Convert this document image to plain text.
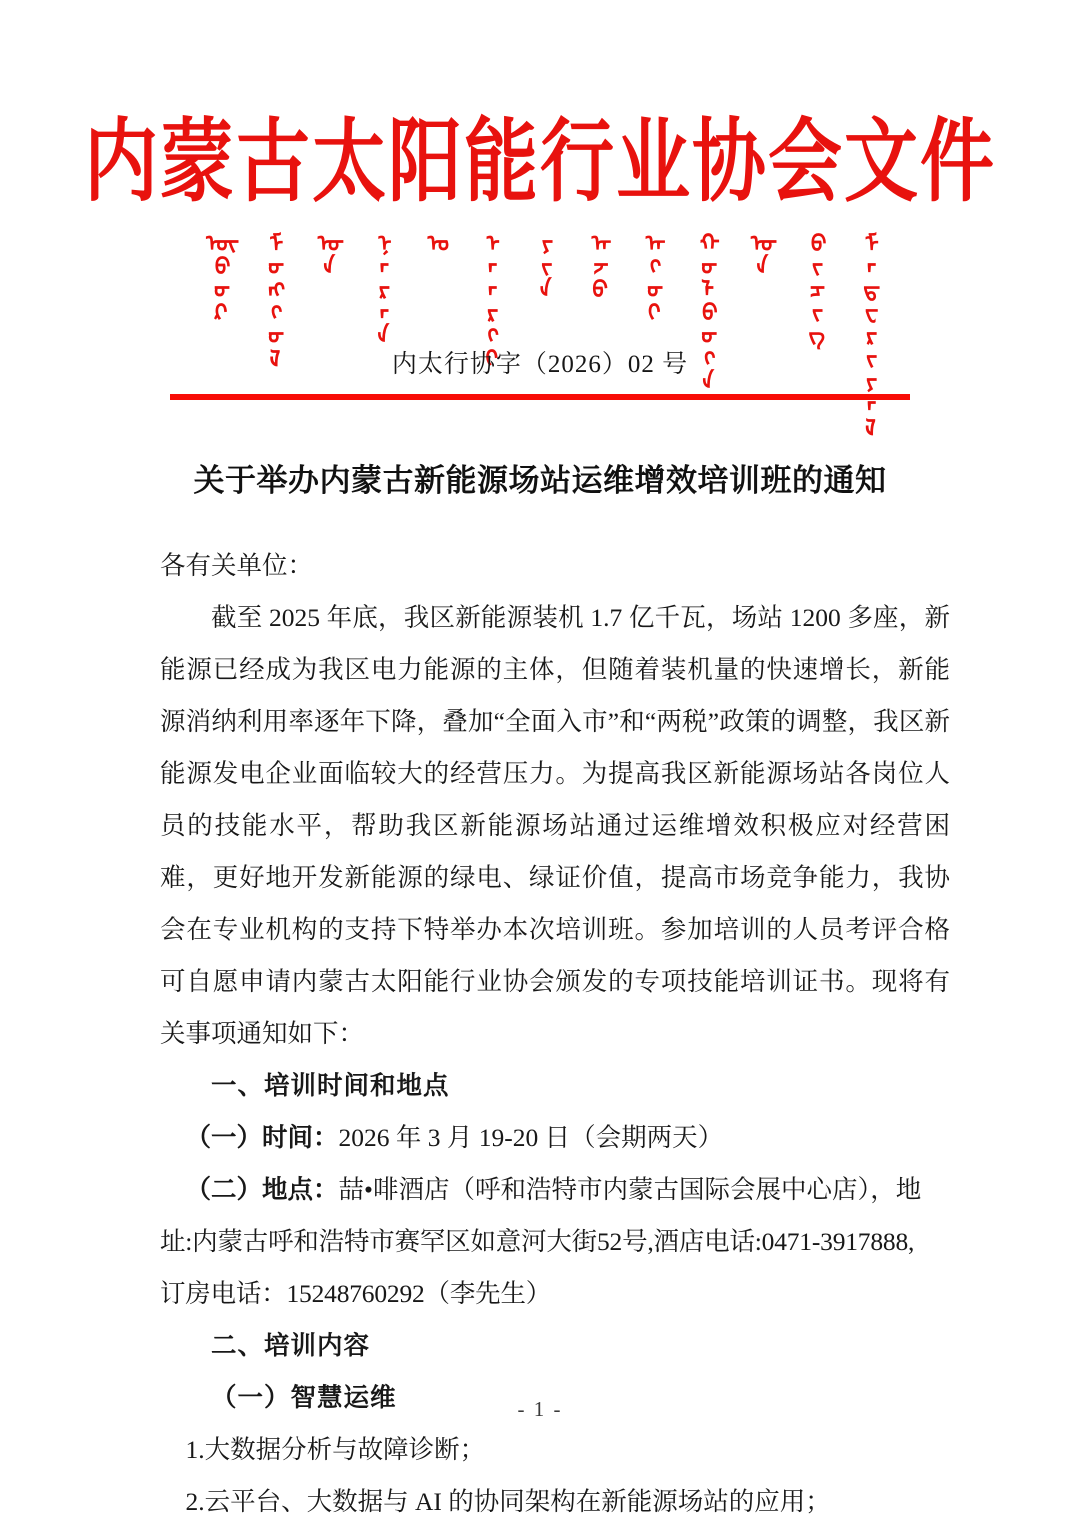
内蒙古太阳能行业协会文件
ᠦᠪᠦᠷ ᠮᠣᠩᠭᠣᠯ ᠤᠨ ᠨᠠᠷᠠᠨ ᠤ ᠡᠨᠡᠷᠭᠢ ᠶᠢᠨ ᠠᠵᠤ ᠠᠬᠤᠢ ᠬᠣᠯᠪᠣᠭᠠ ᠤᠨ ᠪᠢᠴᠢᠭ ᠮᠠᠲᠧᠷᠢᠶᠠᠯ
内太行协字（2026）02 号
关于举办内蒙古新能源场站运维增效培训班的通知

各有关单位：

截至 2025 年底，我区新能源装机 1.7 亿千瓦，场站 1200 多座，新能源已经成为我区电力能源的主体，但随着装机量的快速增长，新能源消纳利用率逐年下降，叠加“全面入市”和“两税”政策的调整，我区新能源发电企业面临较大的经营压力。为提高我区新能源场站各岗位人员的技能水平，帮助我区新能源场站通过运维增效积极应对经营困难，更好地开发新能源的绿电、绿证价值，提高市场竞争能力，我协会在专业机构的支持下特举办本次培训班。参加培训的人员考评合格可自愿申请内蒙古太阳能行业协会颁发的专项技能培训证书。现将有关事项通知如下：

一、培训时间和地点

（一）时间：2026 年 3 月 19-20 日（会期两天）

（二）地点：喆•啡酒店（呼和浩特市内蒙古国际会展中心店），地

址:内蒙古呼和浩特市赛罕区如意河大街52号,酒店电话:0471-3917888,

订房电话：15248760292（李先生）

二、培训内容

（一）智慧运维

1.大数据分析与故障诊断；

2.云平台、大数据与 AI 的协同架构在新能源场站的应用；

- 1 -
